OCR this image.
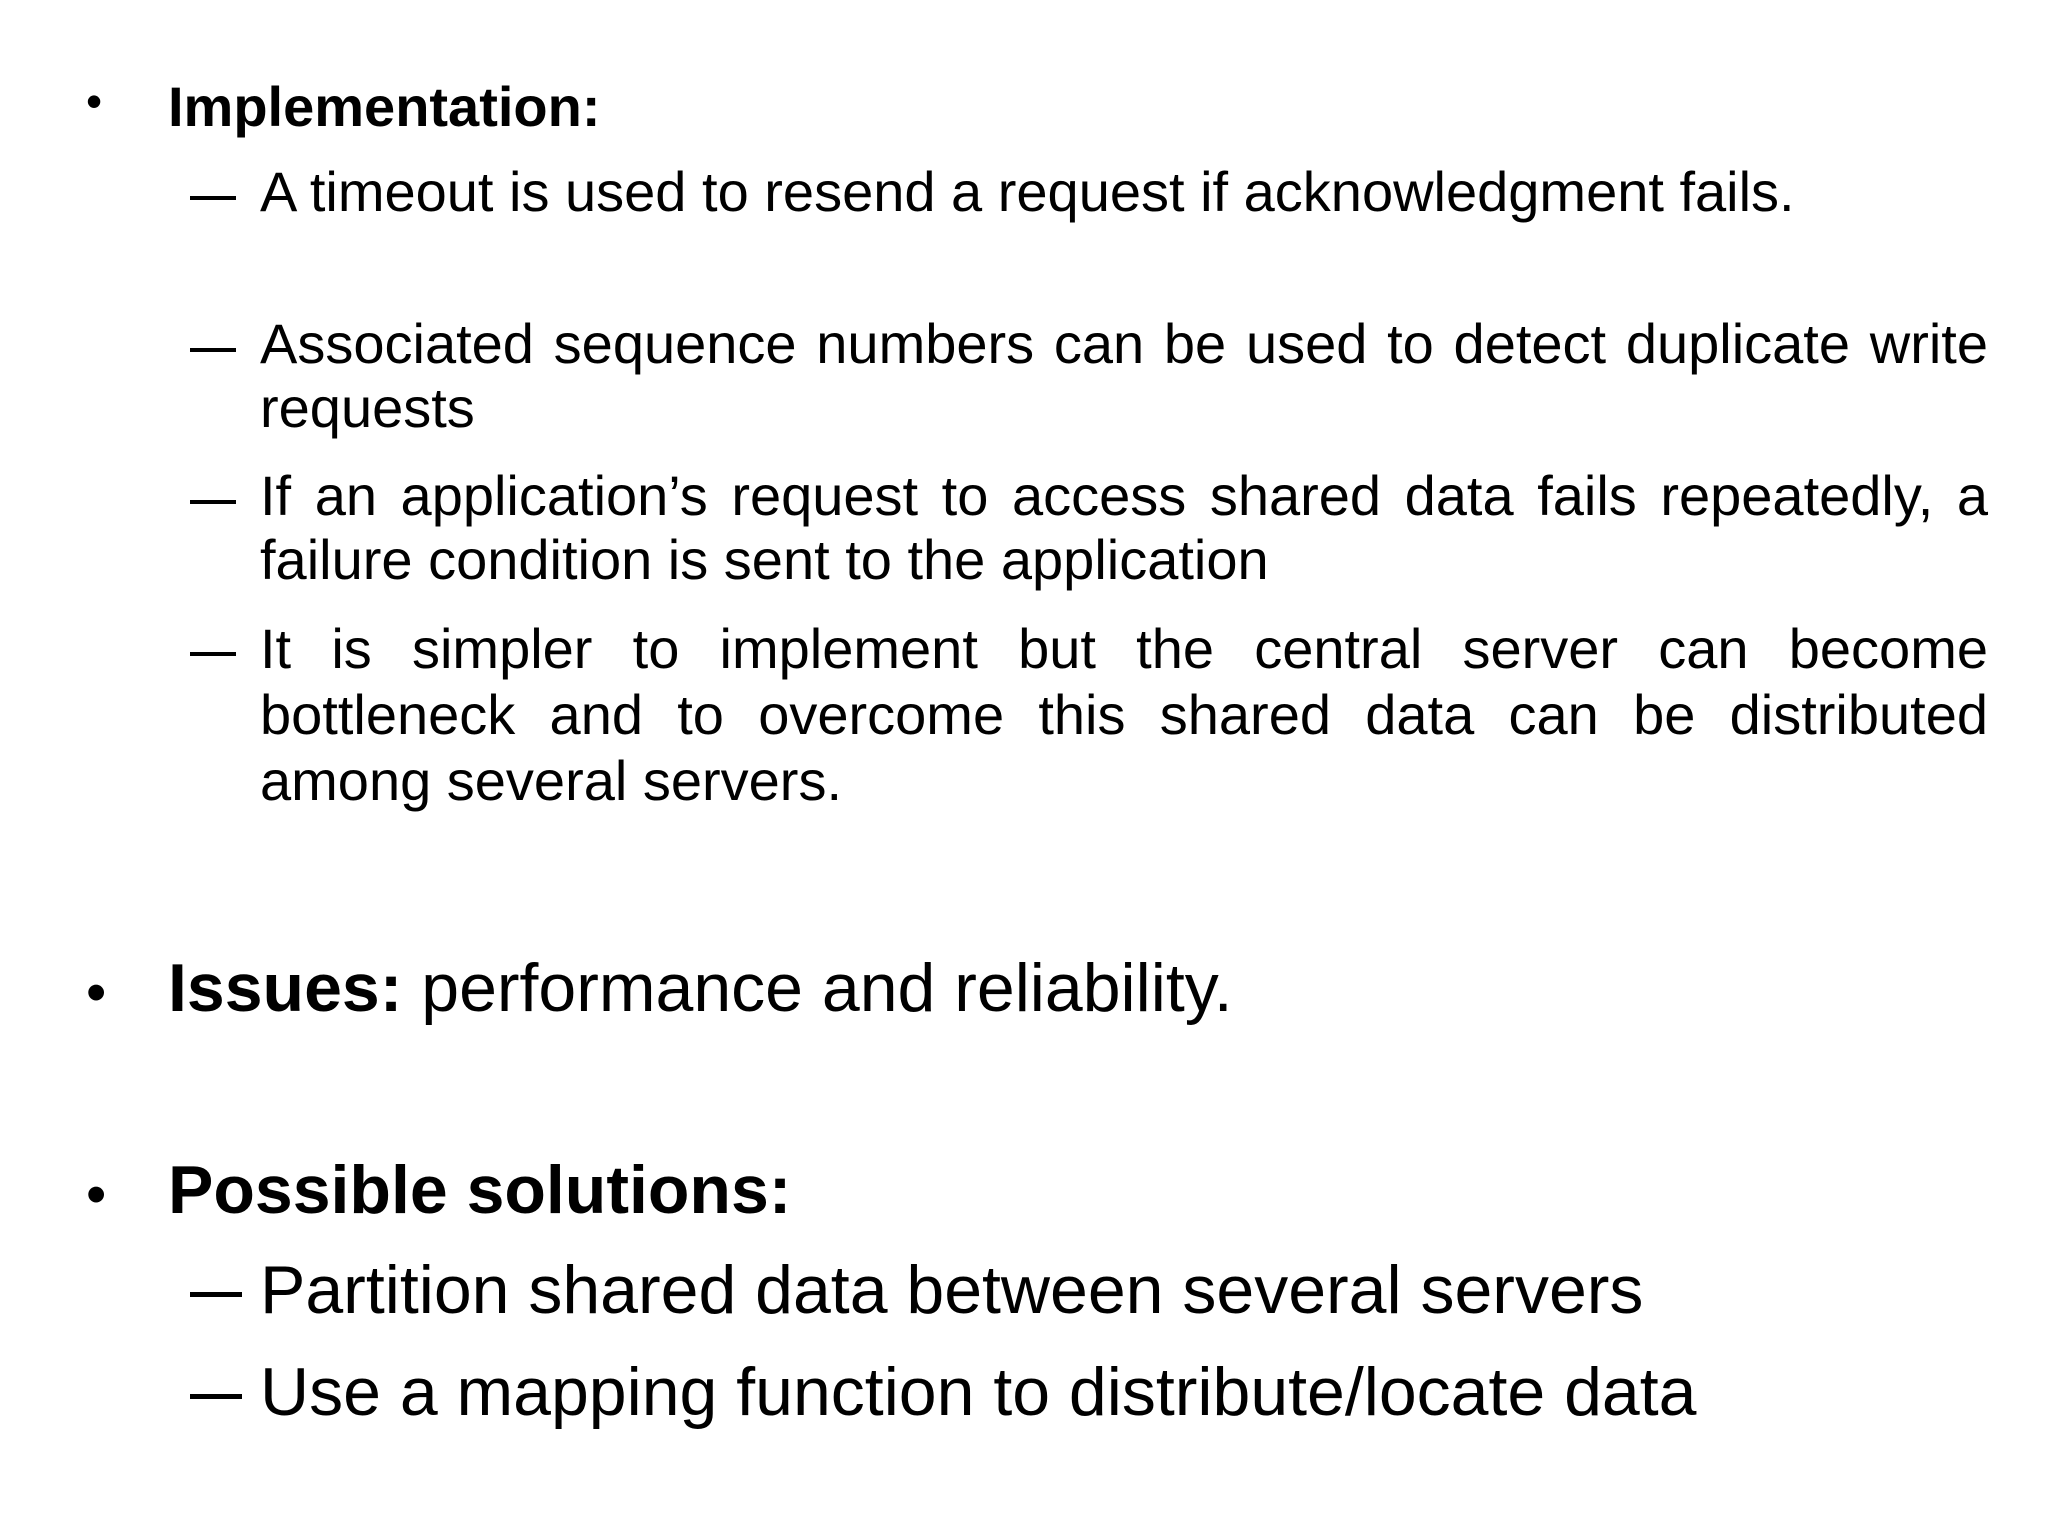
• Implementation:
A timeout is used to resend a request if acknowledgment fails.
Associated sequence numbers can be used to detect duplicate write requests
If an application’s request to access shared data fails repeatedly, a failure condition is sent to the application
It is simpler to implement but the central server can become bottleneck and to overcome this shared data can be distributed among several servers.
• Issues: performance and reliability.
• Possible solutions:
Partition shared data between several servers
Use a mapping function to distribute/locate data
